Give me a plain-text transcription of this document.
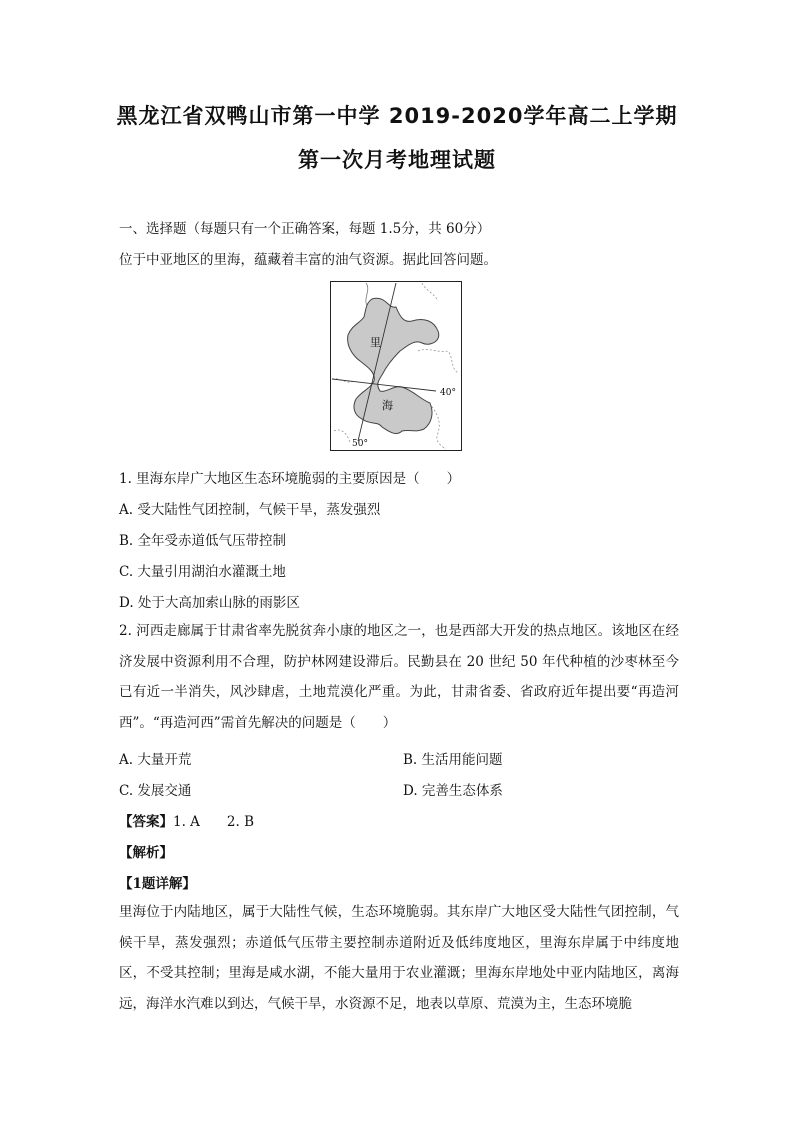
黑龙江省双鸭山市第一中学 2019-2020学年高二上学期
第一次月考地理试题
一、选择题（每题只有一个正确答案，每题 1.5分，共 60分）
位于中亚地区的里海，蕴藏着丰富的油气资源。据此回答问题。
里
海
40°
50°
1. 里海东岸广大地区生态环境脆弱的主要原因是（　　）
A. 受大陆性气团控制，气候干旱，蒸发强烈
B. 全年受赤道低气压带控制
C. 大量引用湖泊水灌溉土地
D. 处于大高加索山脉的雨影区
2. 河西走廊属于甘肃省率先脱贫奔小康的地区之一，也是西部大开发的热点地区。该地区在经济发展中资源利用不合理，防护林网建设滞后。民勤县在 20 世纪 50 年代种植的沙枣林至今已有近一半消失，风沙肆虐，土地荒漠化严重。为此，甘肃省委、省政府近年提出要“再造河西”。“再造河西”需首先解决的问题是（　　）
A. 大量开荒	B. 生活用能问题
C. 发展交通	D. 完善生态体系
【答案】1. A　　2. B
【解析】
【1题详解】
里海位于内陆地区，属于大陆性气候，生态环境脆弱。其东岸广大地区受大陆性气团控制，气候干旱，蒸发强烈；赤道低气压带主要控制赤道附近及低纬度地区，里海东岸属于中纬度地区，不受其控制；里海是咸水湖，不能大量用于农业灌溉；里海东岸地处中亚内陆地区，离海远，海洋水汽难以到达，气候干旱，水资源不足，地表以草原、荒漠为主，生态环境脆
